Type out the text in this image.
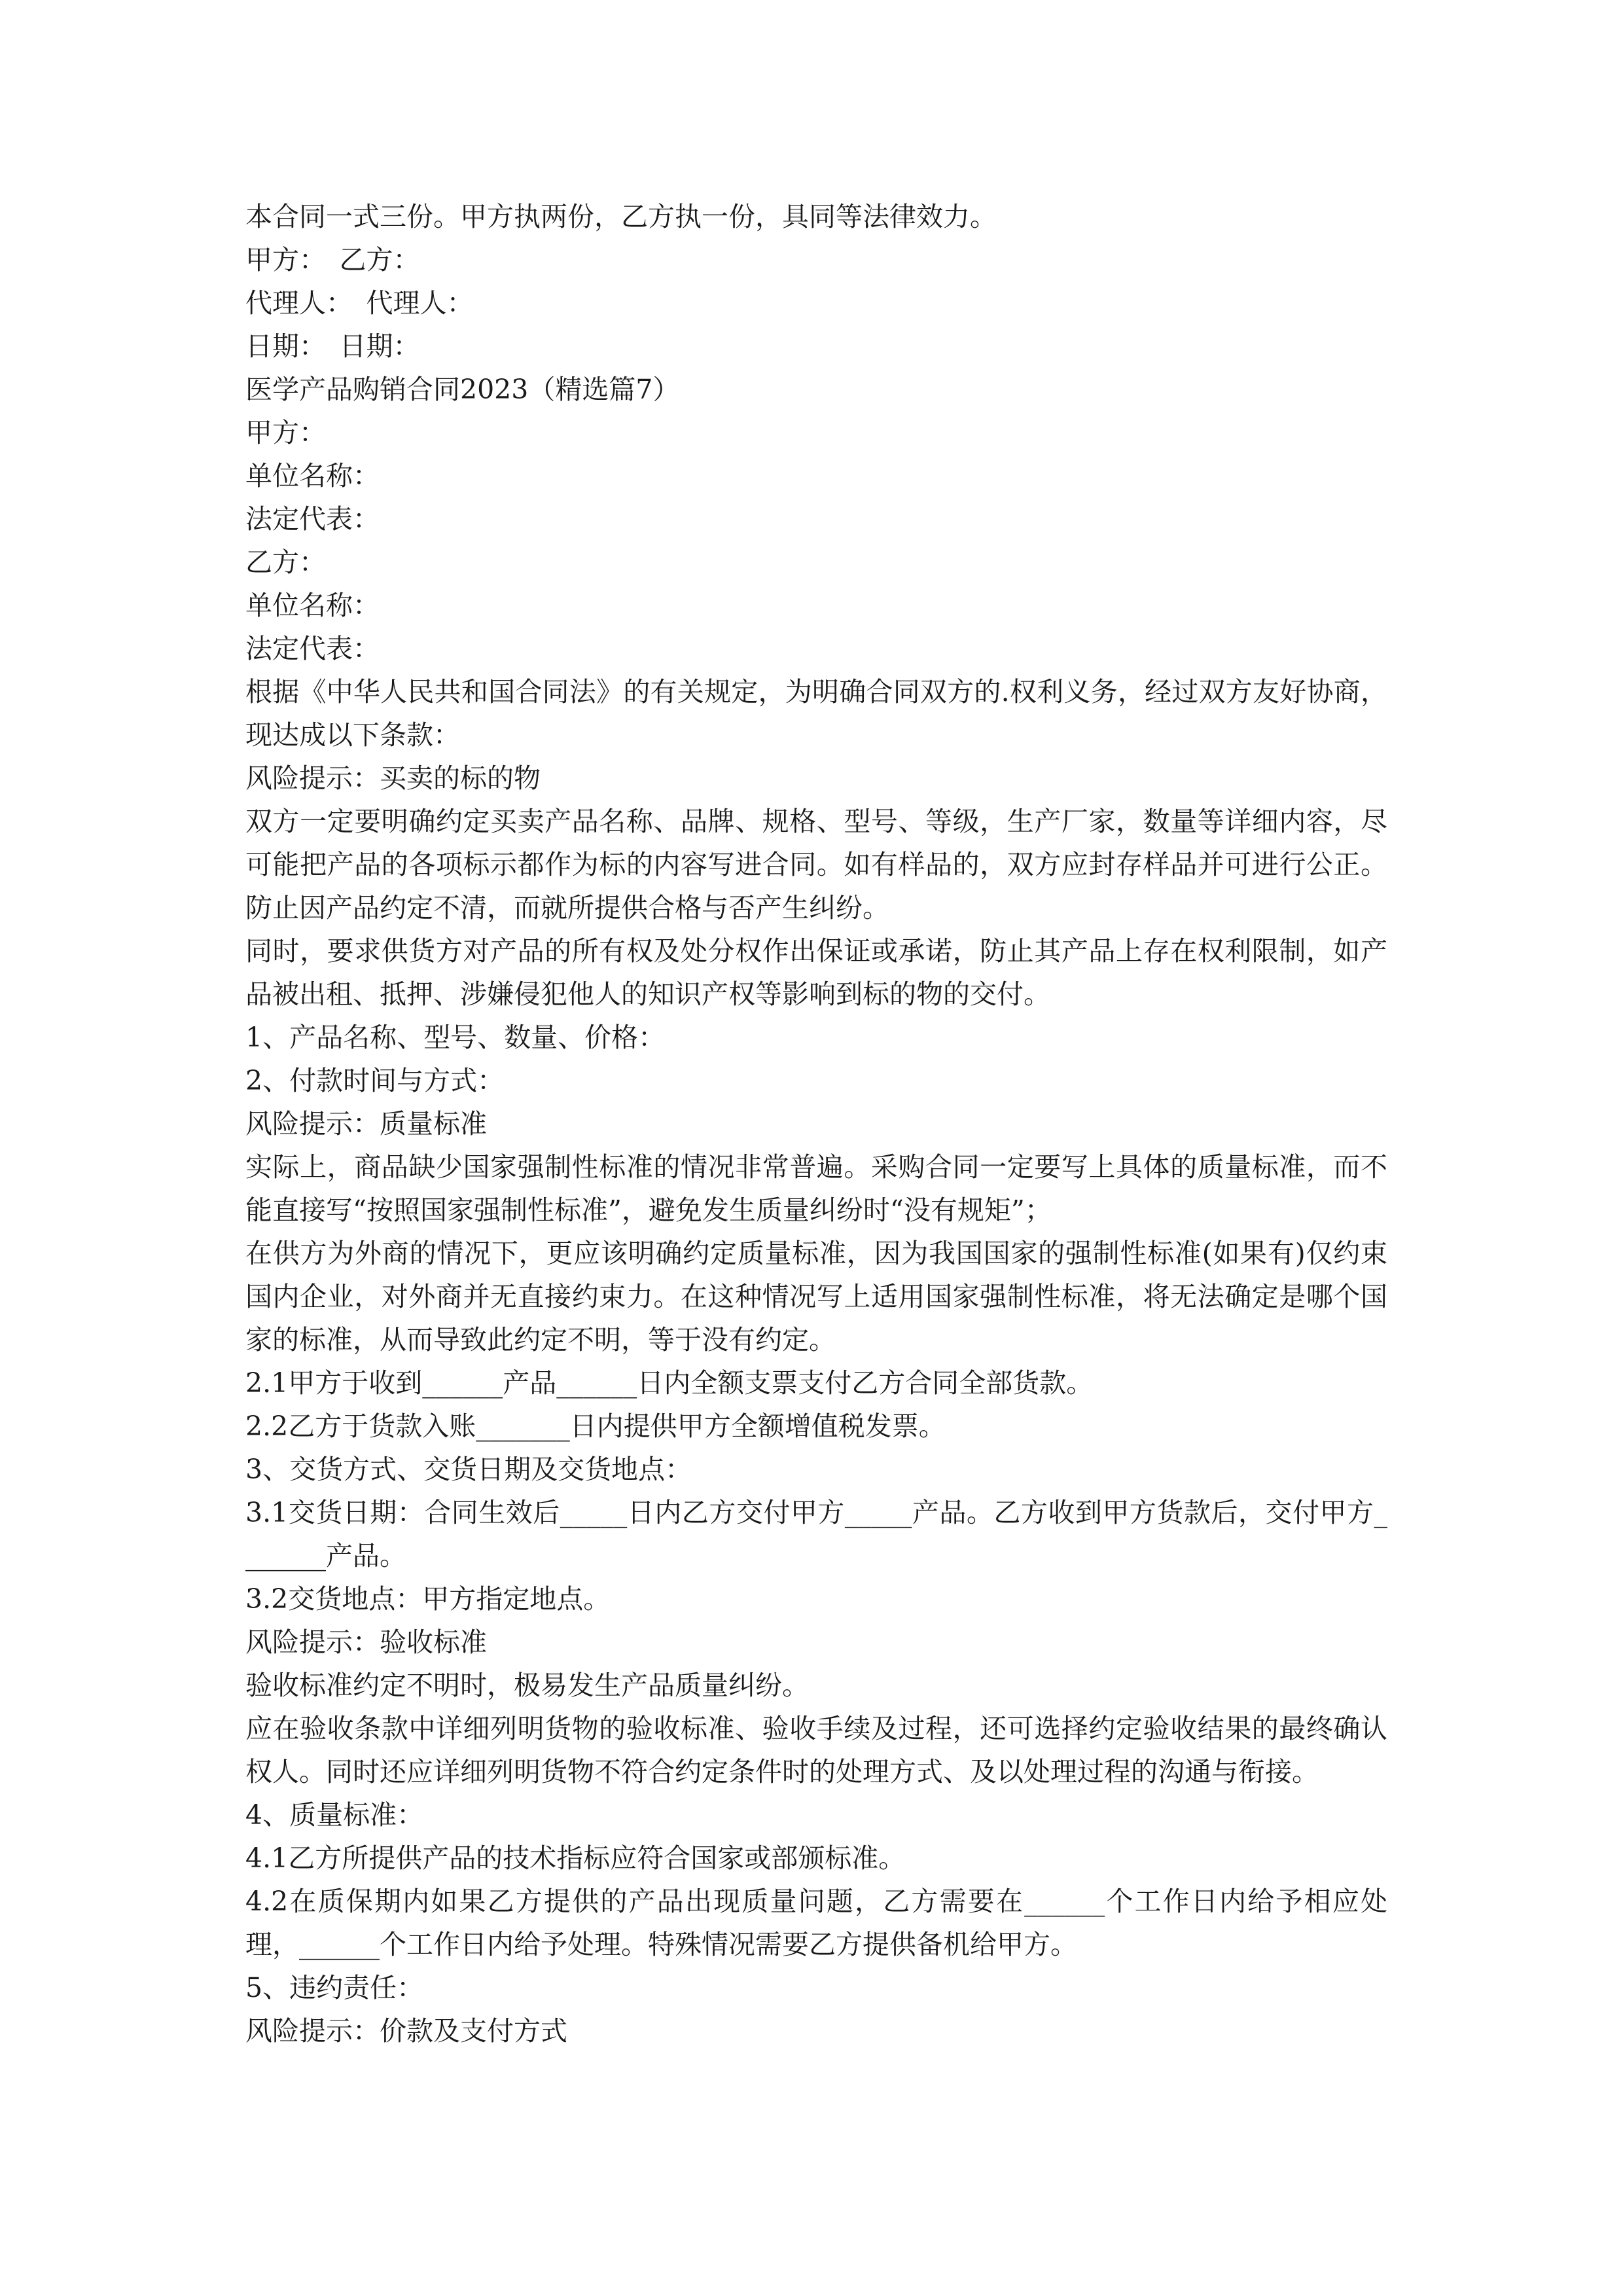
本合同一式三份。甲方执两份，乙方执一份，具同等法律效力。

甲方：　乙方：

代理人：　代理人：

日期：　日期：

医学产品购销合同2023（精选篇7）

甲方：

单位名称：

法定代表：

乙方：

单位名称：

法定代表：

根据《中华人民共和国合同法》的有关规定，为明确合同双方的.权利义务，经过双方友好协商，现达成以下条款：

风险提示：买卖的标的物

双方一定要明确约定买卖产品名称、品牌、规格、型号、等级，生产厂家，数量等详细内容，尽可能把产品的各项标示都作为标的内容写进合同。如有样品的，双方应封存样品并可进行公正。防止因产品约定不清，而就所提供合格与否产生纠纷。

同时，要求供货方对产品的所有权及处分权作出保证或承诺，防止其产品上存在权利限制，如产品被出租、抵押、涉嫌侵犯他人的知识产权等影响到标的物的交付。

1、产品名称、型号、数量、价格：

2、付款时间与方式：

风险提示：质量标准

实际上，商品缺少国家强制性标准的情况非常普遍。采购合同一定要写上具体的质量标准，而不能直接写“按照国家强制性标准”，避免发生质量纠纷时“没有规矩”；

在供方为外商的情况下，更应该明确约定质量标准，因为我国国家的强制性标准(如果有)仅约束国内企业，对外商并无直接约束力。在这种情况写上适用国家强制性标准，将无法确定是哪个国家的标准，从而导致此约定不明，等于没有约定。

2.1甲方于收到______产品______日内全额支票支付乙方合同全部货款。

2.2乙方于货款入账_______日内提供甲方全额增值税发票。

3、交货方式、交货日期及交货地点：

3.1交货日期：合同生效后_____日内乙方交付甲方_____产品。乙方收到甲方货款后，交付甲方_______产品。

3.2交货地点：甲方指定地点。

风险提示：验收标准

验收标准约定不明时，极易发生产品质量纠纷。

应在验收条款中详细列明货物的验收标准、验收手续及过程，还可选择约定验收结果的最终确认权人。同时还应详细列明货物不符合约定条件时的处理方式、及以处理过程的沟通与衔接。

4、质量标准：

4.1乙方所提供产品的技术指标应符合国家或部颁标准。

4.2在质保期内如果乙方提供的产品出现质量问题，乙方需要在______个工作日内给予相应处理，______个工作日内给予处理。特殊情况需要乙方提供备机给甲方。

5、违约责任：

风险提示：价款及支付方式
